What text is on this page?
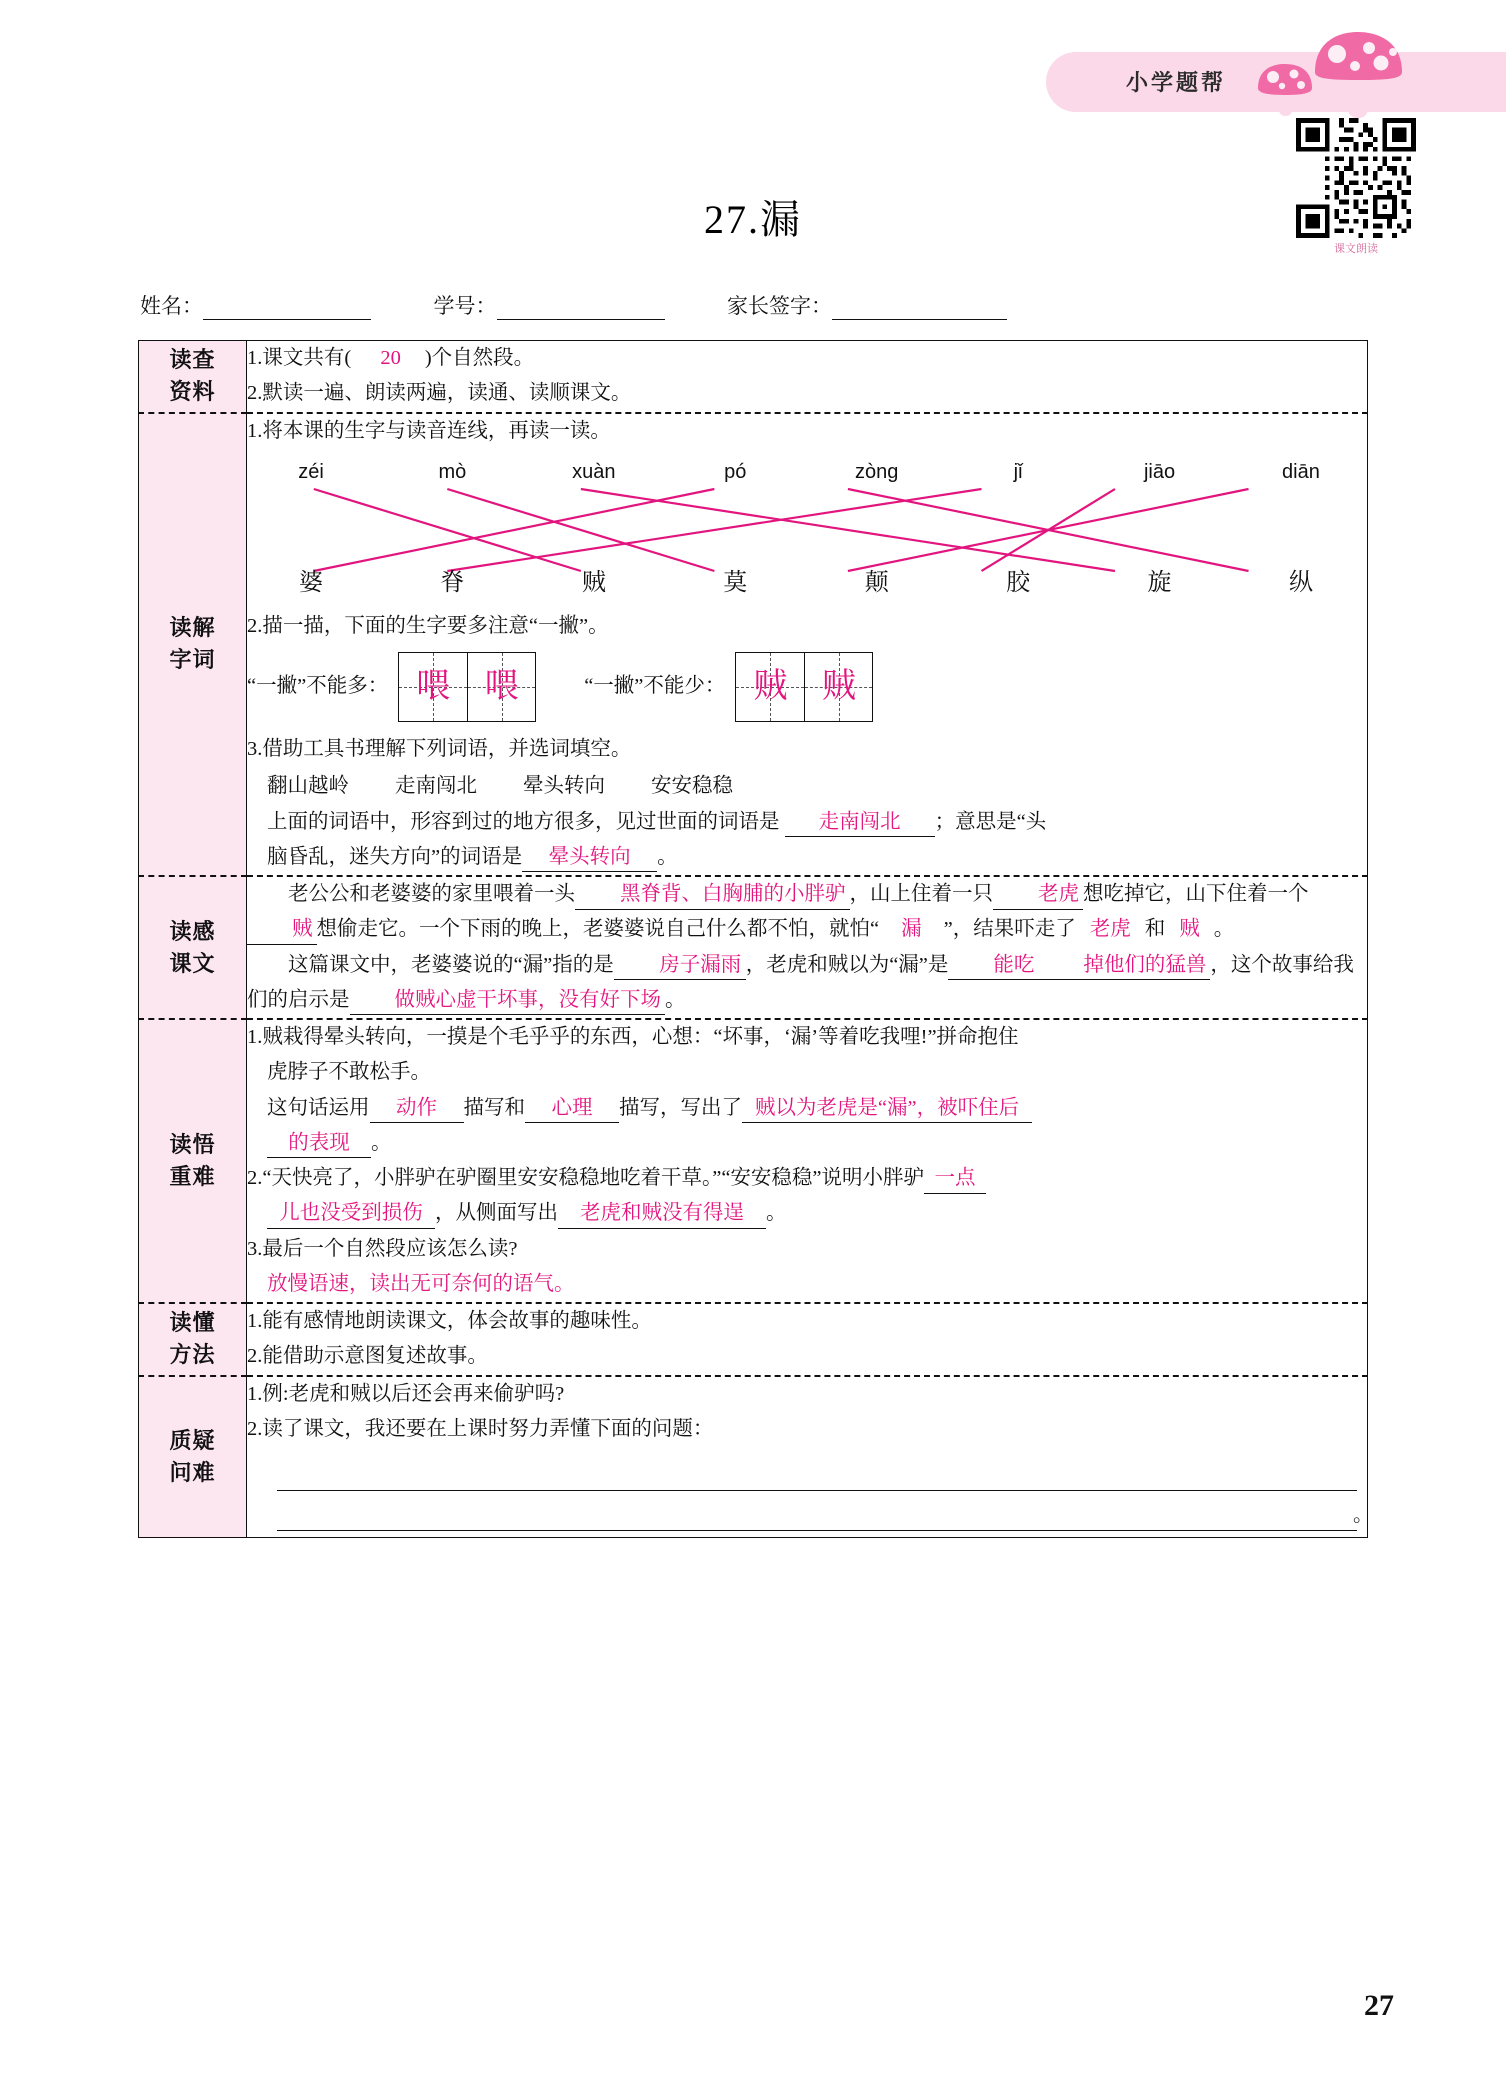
小学题帮
课文朗读
27.漏
姓名：	学号：	家长签字：
读查
资料

1.课文共有( 20 )个自然段。
2.默读一遍、朗读两遍，读通、读顺课文。

读解
字词

1.将本课的生字与读音连线，再读一读。
zéi	mò	xuàn	pó	zòng	jǐ	jiāo	diān
婆	脊	贼	莫	颠	胶	旋	纵
2.描一描，下面的生字要多注意“一撇”。
“一撇”不能多： 喂 喂	“一撇”不能少： 贼 贼
3.借助工具书理解下列词语，并选词填空。
翻山越岭 走南闯北 晕头转向 安安稳稳
上面的词语中，形容到过的地方很多，见过世面的词语是 走南闯北 ；意思是“头
脑昏乱，迷失方向”的词语是 晕头转向 。

读感
课文

老公公和老婆婆的家里喂着一头 黑脊背、白胸脯的小胖驴 ，山上住着一只 老虎 想吃掉它，山下住着一个贼 想偷走它。一个下雨的晚上，老婆婆说自己什么都不怕，就怕“ 漏 ”，结果吓走了 老虎 和 贼 。
这篇课文中，老婆婆说的“漏”指的是 房子漏雨 ，老虎和贼以为“漏”是 能吃 掉他们的猛兽 ，这个故事给我们的启示是 做贼心虚干坏事，没有好下场 。

读悟
重难

1.贼栽得晕头转向，一摸是个毛乎乎的东西，心想：“坏事，‘漏’等着吃我哩!”拼命抱住
虎脖子不敢松手。
这句话运用 动作 描写和 心理 描写，写出了 贼以为老虎是“漏”，被吓住后
的表现 。
2.“天快亮了，小胖驴在驴圈里安安稳稳地吃着干草。”“安安稳稳”说明小胖驴 一点
儿也没受到损伤 ，从侧面写出 老虎和贼没有得逞 。
3.最后一个自然段应该怎么读?
放慢语速，读出无可奈何的语气。

读懂
方法

1.能有感情地朗读课文，体会故事的趣味性。
2.能借助示意图复述故事。

质疑
问难

1.例:老虎和贼以后还会再来偷驴吗?
2.读了课文，我还要在上课时努力弄懂下面的问题：
。
27
